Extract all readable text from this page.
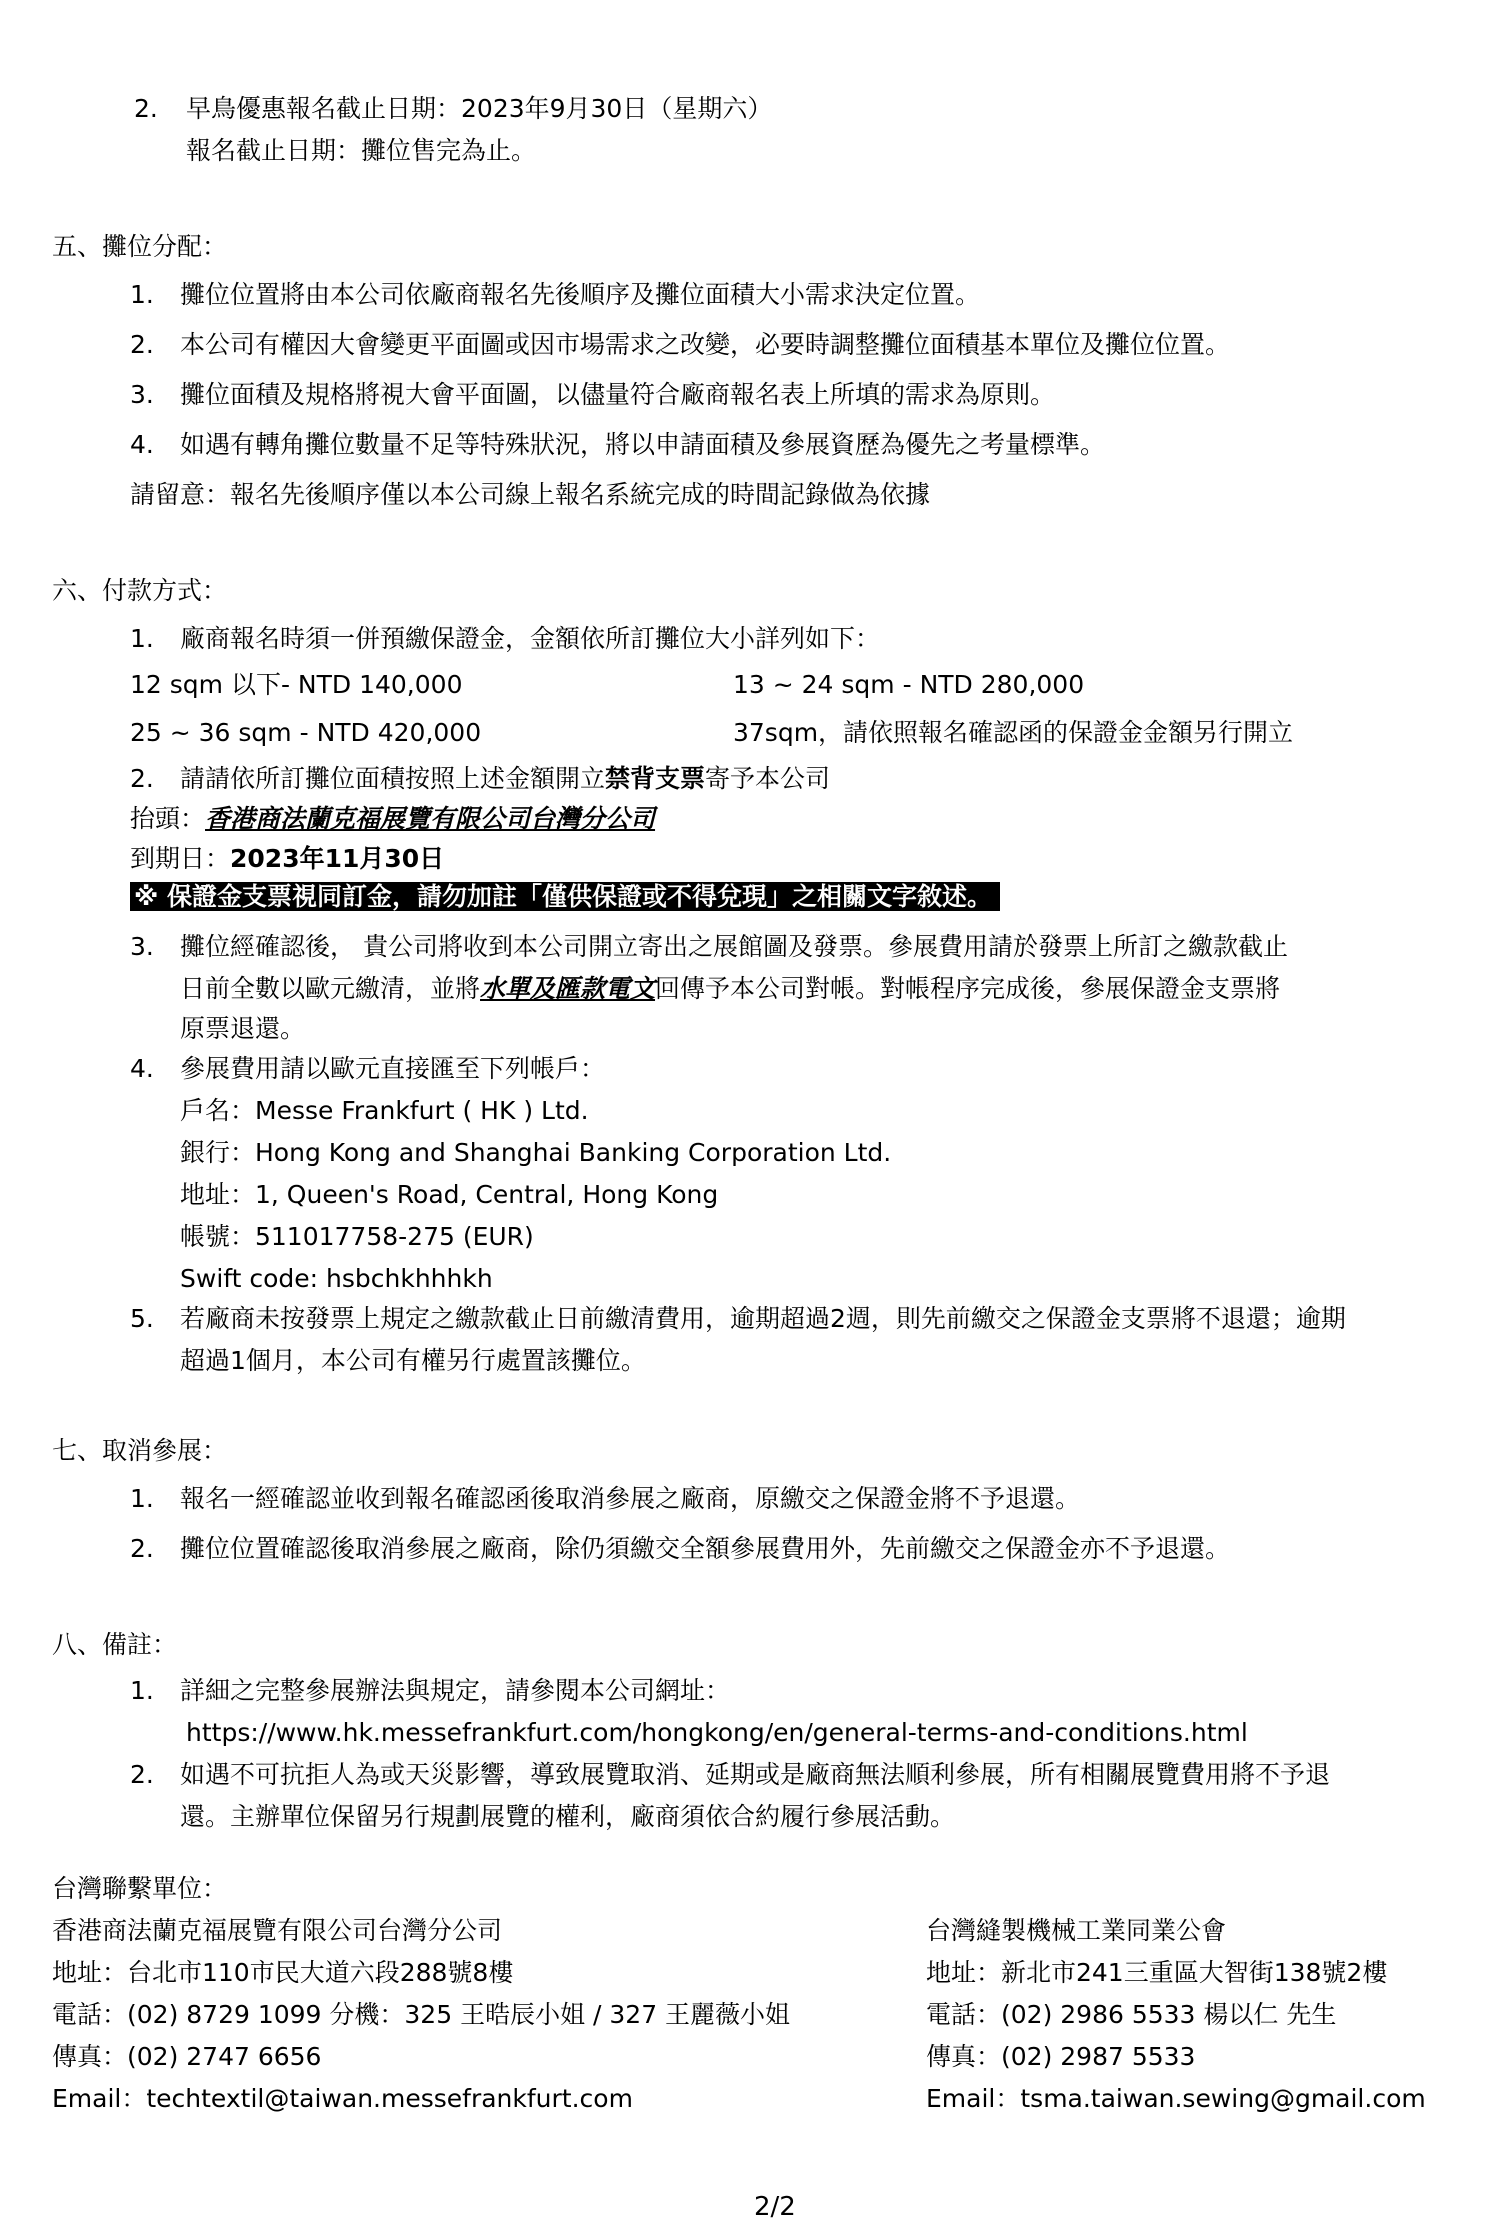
2. 早鳥優惠報名截止日期：2023年9月30日（星期六）
報名截止日期：攤位售完為止。
五、攤位分配：
1. 攤位位置將由本公司依廠商報名先後順序及攤位面積大小需求決定位置。
2. 本公司有權因大會變更平面圖或因市場需求之改變，必要時調整攤位面積基本單位及攤位位置。
3. 攤位面積及規格將視大會平面圖，以儘量符合廠商報名表上所填的需求為原則。
4. 如遇有轉角攤位數量不足等特殊狀況，將以申請面積及參展資歷為優先之考量標準。
請留意：報名先後順序僅以本公司線上報名系統完成的時間記錄做為依據
六、付款方式：
1. 廠商報名時須一併預繳保證金，金額依所訂攤位大小詳列如下：
12 sqm 以下- NTD 140,000	13 ~ 24 sqm - NTD 280,000
25 ~ 36 sqm - NTD 420,000	37sqm，請依照報名確認函的保證金金額另行開立
2. 請請依所訂攤位面積按照上述金額開立禁背支票寄予本公司
抬頭：香港商法蘭克福展覽有限公司台灣分公司
到期日：2023年11月30日
※ 保證金支票視同訂金，請勿加註「僅供保證或不得兌現」之相關文字敘述。
3. 攤位經確認後， 貴公司將收到本公司開立寄出之展館圖及發票。參展費用請於發票上所訂之繳款截止
日前全數以歐元繳清，並將水單及匯款電文回傳予本公司對帳。對帳程序完成後，參展保證金支票將
原票退還。
4. 參展費用請以歐元直接匯至下列帳戶：
戶名：Messe Frankfurt ( HK ) Ltd.
銀行：Hong Kong and Shanghai Banking Corporation Ltd.
地址：1, Queen's Road, Central, Hong Kong
帳號：511017758-275 (EUR)
Swift code: hsbchkhhhkh
5. 若廠商未按發票上規定之繳款截止日前繳清費用，逾期超過2週，則先前繳交之保證金支票將不退還；逾期
超過1個月，本公司有權另行處置該攤位。
七、取消參展：
1. 報名一經確認並收到報名確認函後取消參展之廠商，原繳交之保證金將不予退還。
2. 攤位位置確認後取消參展之廠商，除仍須繳交全額參展費用外，先前繳交之保證金亦不予退還。
八、備註：
1. 詳細之完整參展辦法與規定，請參閱本公司網址：
https://www.hk.messefrankfurt.com/hongkong/en/general-terms-and-conditions.html
2. 如遇不可抗拒人為或天災影響，導致展覽取消、延期或是廠商無法順利參展，所有相關展覽費用將不予退
還。主辦單位保留另行規劃展覽的權利，廠商須依合約履行參展活動。
台灣聯繫單位：
香港商法蘭克福展覽有限公司台灣分公司
地址：台北市110市民大道六段288號8樓
電話：(02) 8729 1099 分機：325 王晧辰小姐 / 327 王麗薇小姐
傳真：(02) 2747 6656
Email：techtextil@taiwan.messefrankfurt.com
台灣縫製機械工業同業公會
地址：新北市241三重區大智街138號2樓
電話：(02) 2986 5533 楊以仁 先生
傳真：(02) 2987 5533
Email：tsma.taiwan.sewing@gmail.com
2/2
